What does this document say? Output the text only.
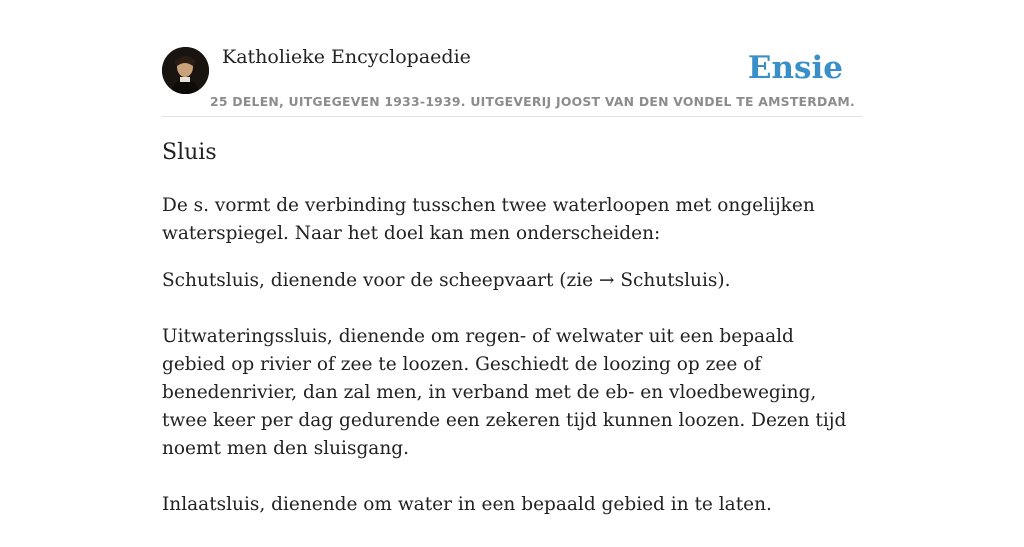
Katholieke Encyclopaedie	Ensie
25 DELEN, UITGEGEVEN 1933-1939. UITGEVERIJ JOOST VAN DEN VONDEL TE AMSTERDAM.
Sluis

De s. vormt de verbinding tusschen twee waterloopen met ongelijken waterspiegel. Naar het doel kan men onderscheiden:

Schutsluis, dienende voor de scheepvaart (zie → Schutsluis).

Uitwateringssluis, dienende om regen- of welwater uit een bepaald gebied op rivier of zee te loozen. Geschiedt de loozing op zee of benedenrivier, dan zal men, in verband met de eb- en vloedbeweging, twee keer per dag gedurende een zekeren tijd kunnen loozen. Dezen tijd noemt men den sluisgang.

Inlaatsluis, dienende om water in een bepaald gebied in te laten.
